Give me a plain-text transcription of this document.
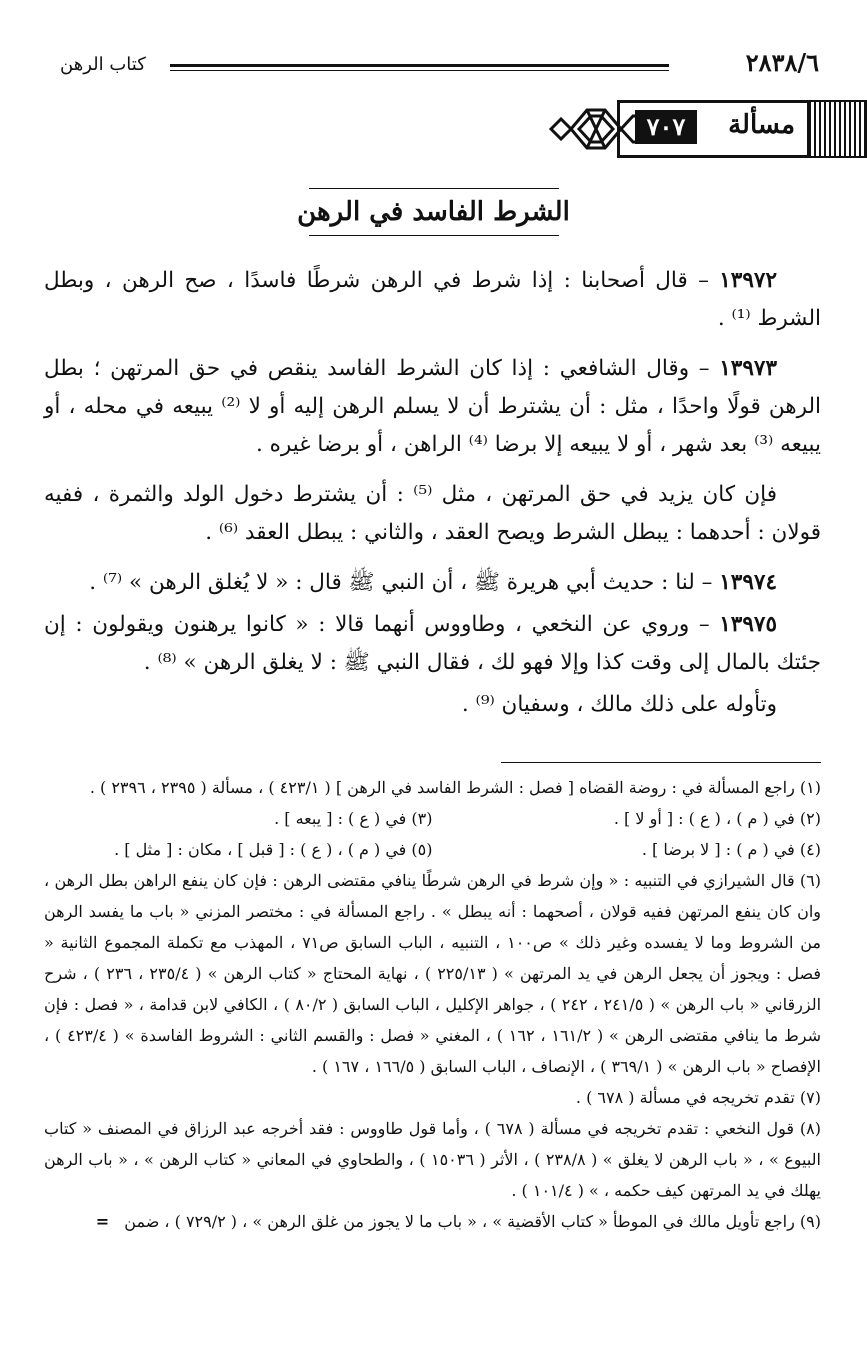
٢٨٣٨/٦
كتاب الرهن
مسألة
٧٠٧
الشرط الفاسد في الرهن

١٣٩٧٢ – قال أصحابنا : إذا شرط في الرهن شرطًا فاسدًا ، صح الرهن ، وبطل الشرط ⁽¹⁾ .

١٣٩٧٣ – وقال الشافعي : إذا كان الشرط الفاسد ينقص في حق المرتهن ؛ بطل الرهن قولًا واحدًا ، مثل : أن يشترط أن لا يسلم الرهن إليه أو لا ⁽²⁾ يبيعه في محله ، أو يبيعه ⁽³⁾ بعد شهر ، أو لا يبيعه إلا برضا ⁽⁴⁾ الراهن ، أو برضا غيره .

فإن كان يزيد في حق المرتهن ، مثل ⁽⁵⁾ : أن يشترط دخول الولد والثمرة ، ففيه قولان : أحدهما : يبطل الشرط ويصح العقد ، والثاني : يبطل العقد ⁽⁶⁾ .

١٣٩٧٤ – لنا : حديث أبي هريرة ﷺ ، أن النبي ﷺ قال : « لا يُغلق الرهن » ⁽⁷⁾ .

١٣٩٧٥ – وروي عن النخعي ، وطاووس أنهما قالا : « كانوا يرهنون ويقولون : إن جئتك بالمال إلى وقت كذا وإلا فهو لك ، فقال النبي ﷺ : لا يغلق الرهن » ⁽⁸⁾ .

وتأوله على ذلك مالك ، وسفيان ⁽⁹⁾ .

(١) راجع المسألة في : روضة القضاه [ فصل : الشرط الفاسد في الرهن ] ( ٤٢٣/١ ) ، مسألة ( ٢٣٩٥ ، ٢٣٩٦ ) .
(٢) في ( م ) ، ( ع ) : [ أو لا ] .
(٣) في ( ع ) : [ يبعه ] .
(٤) في ( م ) : [ لا برضا ] .
(٥) في ( م ) ، ( ع ) : [ قبل ] ، مكان : [ مثل ] .
(٦) قال الشيرازي في التنبيه : « وإن شرط في الرهن شرطًا ينافي مقتضى الرهن : فإن كان ينفع الراهن بطل الرهن ، وان كان ينفع المرتهن ففيه قولان ، أصحهما : أنه يبطل » . راجع المسألة في : مختصر المزني « باب ما يفسد الرهن من الشروط وما لا يفسده وغير ذلك » ص١٠٠ ، التنبيه ، الباب السابق ص٧١ ، المهذب مع تكملة المجموع الثانية « فصل : ويجوز أن يجعل الرهن في يد المرتهن » ( ٢٢٥/١٣ ) ، نهاية المحتاج « كتاب الرهن » ( ٢٣٥/٤ ، ٢٣٦ ) ، شرح الزرقاني « باب الرهن » ( ٢٤١/٥ ، ٢٤٢ ) ، جواهر الإكليل ، الباب السابق ( ٨٠/٢ ) ، الكافي لابن قدامة ، « فصل : فإن شرط ما ينافي مقتضى الرهن » ( ١٦١/٢ ، ١٦٢ ) ، المغني « فصل : والقسم الثاني : الشروط الفاسدة » ( ٤٢٣/٤ ) ، الإفصاح « باب الرهن » ( ٣٦٩/١ ) ، الإنصاف ، الباب السابق ( ١٦٦/٥ ، ١٦٧ ) .
(٧) تقدم تخريجه في مسألة ( ٦٧٨ ) .
(٨) قول النخعي : تقدم تخريجه في مسألة ( ٦٧٨ ) ، وأما قول طاووس : فقد أخرجه عبد الرزاق في المصنف « كتاب البيوع » ، « باب الرهن لا يغلق » ( ٢٣٨/٨ ) ، الأثر ( ١٥٠٣٦ ) ، والطحاوي في المعاني « كتاب الرهن » ، « باب الرهن يهلك في يد المرتهن كيف حكمه ، » ( ١٠١/٤ ) .
(٩) راجع تأويل مالك في الموطأ « كتاب الأقضية » ، « باب ما لا يجوز من غلق الرهن » ، ( ٧٢٩/٢ ) ، ضمن =
